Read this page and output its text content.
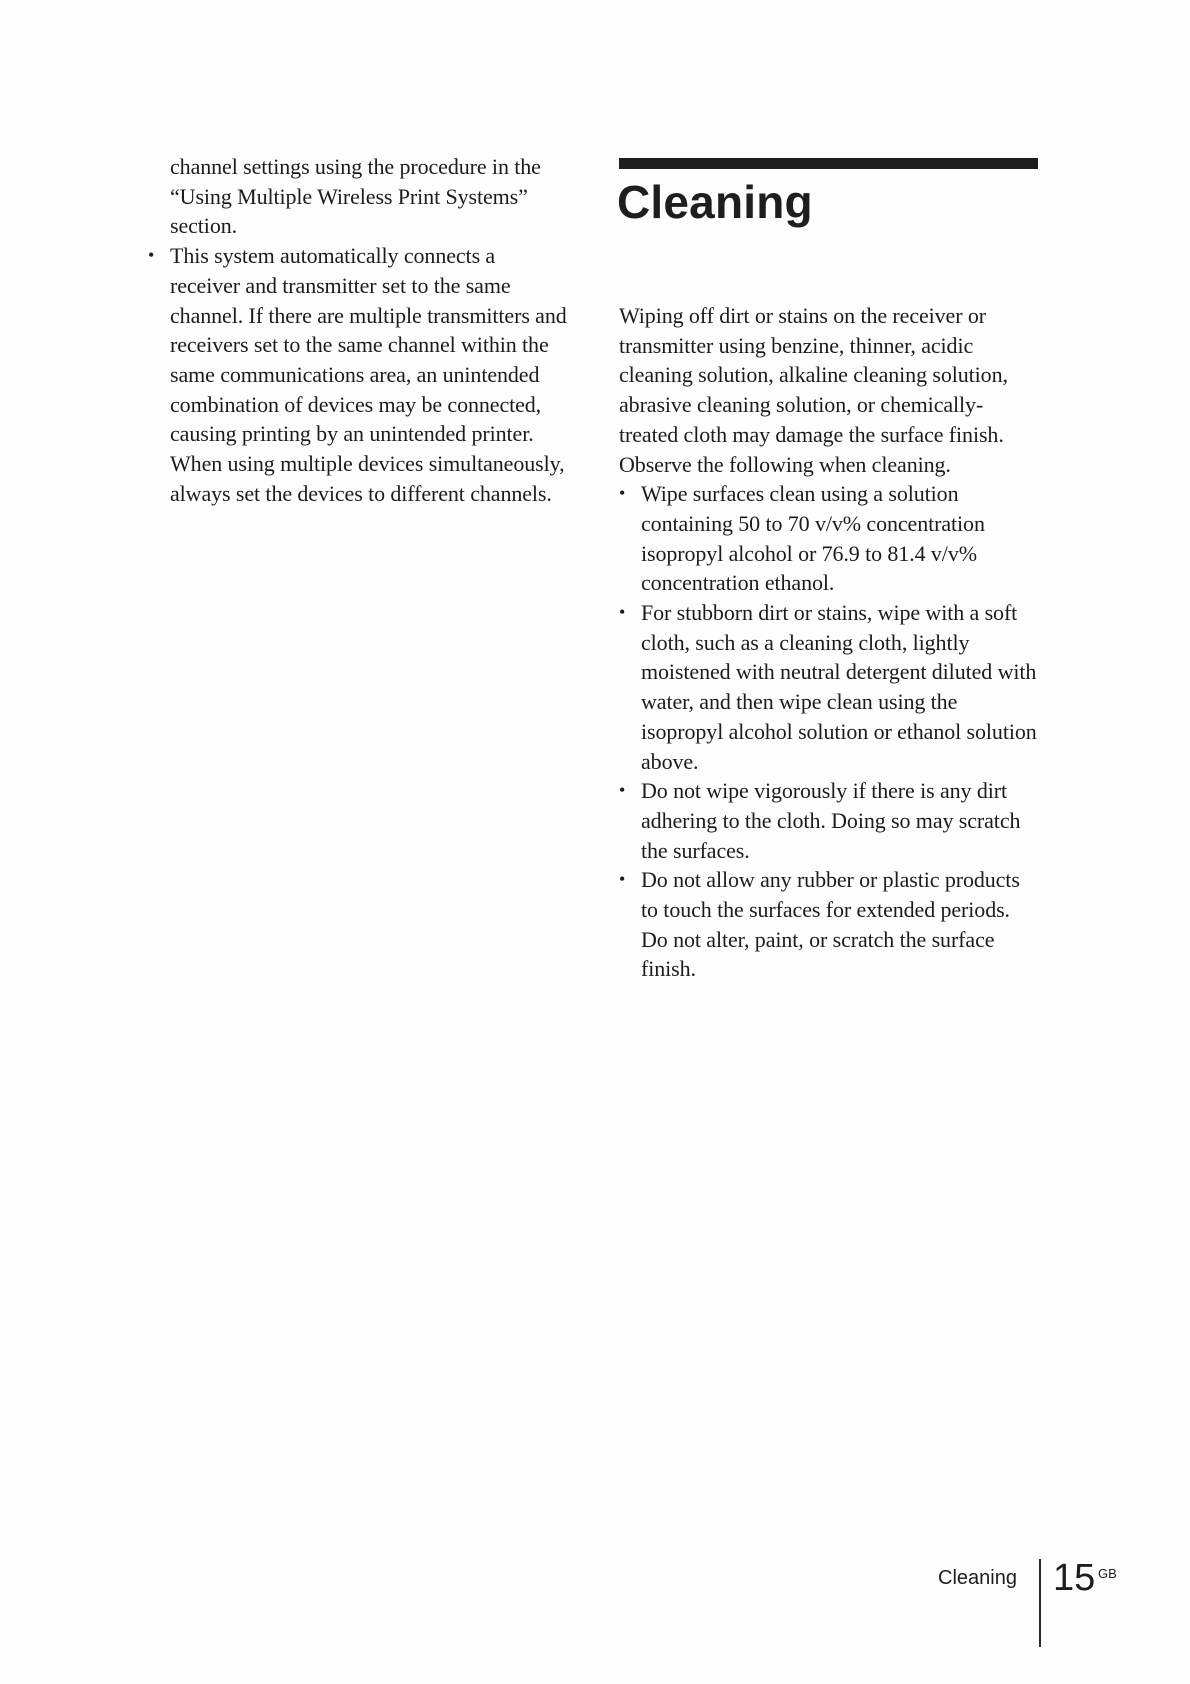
channel settings using the procedure in the “Using Multiple Wireless Print Systems” section.

• This system automatically connects a receiver and transmitter set to the same channel. If there are multiple transmitters and receivers set to the same channel within the same communications area, an unintended combination of devices may be connected, causing printing by an unintended printer. When using multiple devices simultaneously, always set the devices to different channels.
Cleaning

Wiping off dirt or stains on the receiver or transmitter using benzine, thinner, acidic cleaning solution, alkaline cleaning solution, abrasive cleaning solution, or chemically-treated cloth may damage the surface finish. Observe the following when cleaning.

• Wipe surfaces clean using a solution containing 50 to 70 v/v% concentration isopropyl alcohol or 76.9 to 81.4 v/v% concentration ethanol.
• For stubborn dirt or stains, wipe with a soft cloth, such as a cleaning cloth, lightly moistened with neutral detergent diluted with water, and then wipe clean using the isopropyl alcohol solution or ethanol solution above.
• Do not wipe vigorously if there is any dirt adhering to the cloth. Doing so may scratch the surfaces.
• Do not allow any rubber or plastic products to touch the surfaces for extended periods. Do not alter, paint, or scratch the surface finish.
Cleaning 15 GB
